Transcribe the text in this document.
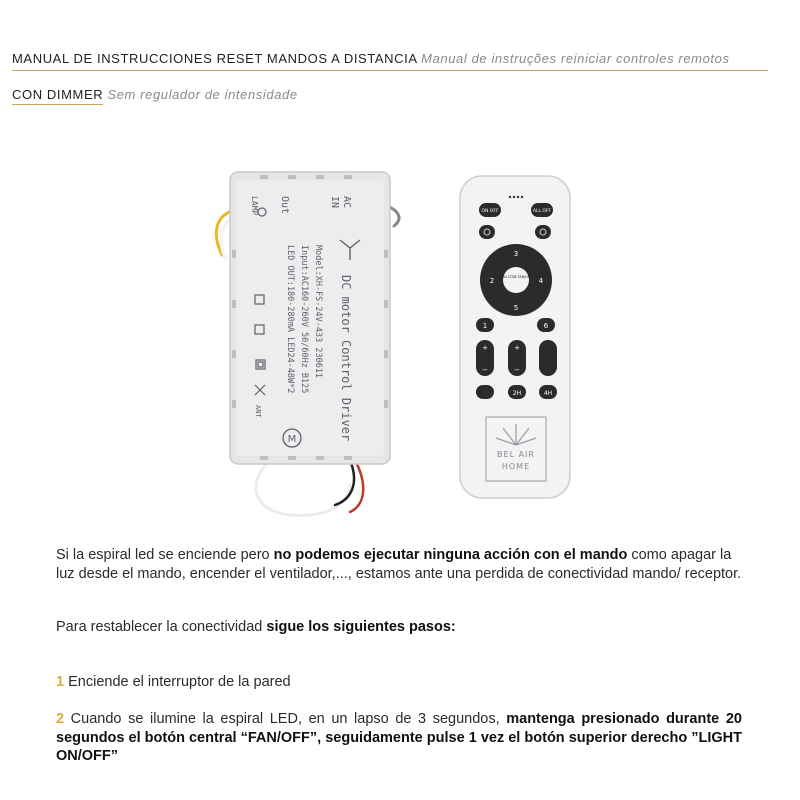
MANUAL DE INSTRUCCIONES RESET MANDOS A DISTANCIA Manual de instruções reiniciar controles remotos
CON DIMMER Sem regulador de intensidade
IN AC
Out
LAMP
DC motor Control Driver
Model:XH-FS-24V-433 230611
Input:AC160-260V 50/60Hz B125
LED OUT:180-280mA LED24-48W*2
ANT
M
ON OFF	ALL OFF
FAN CODE FAN/OFF
3
2	4
5
1	6
+
−
+
−
2H	4H
BEL AIR
HOME
Si la espiral led se enciende pero no podemos ejecutar ninguna acción con el mando como apagar la luz desde el mando, encender el ventilador,..., estamos ante una perdida de conectividad mando/ receptor.
Para restablecer la conectividad sigue los siguientes pasos:
1 Enciende el interruptor de la pared
2 Cuando se ilumine la espiral LED, en un lapso de 3 segundos, mantenga presionado durante 20 segundos el botón central “FAN/OFF”, seguidamente pulse 1 vez el botón superior derecho ”LIGHT ON/OFF”
